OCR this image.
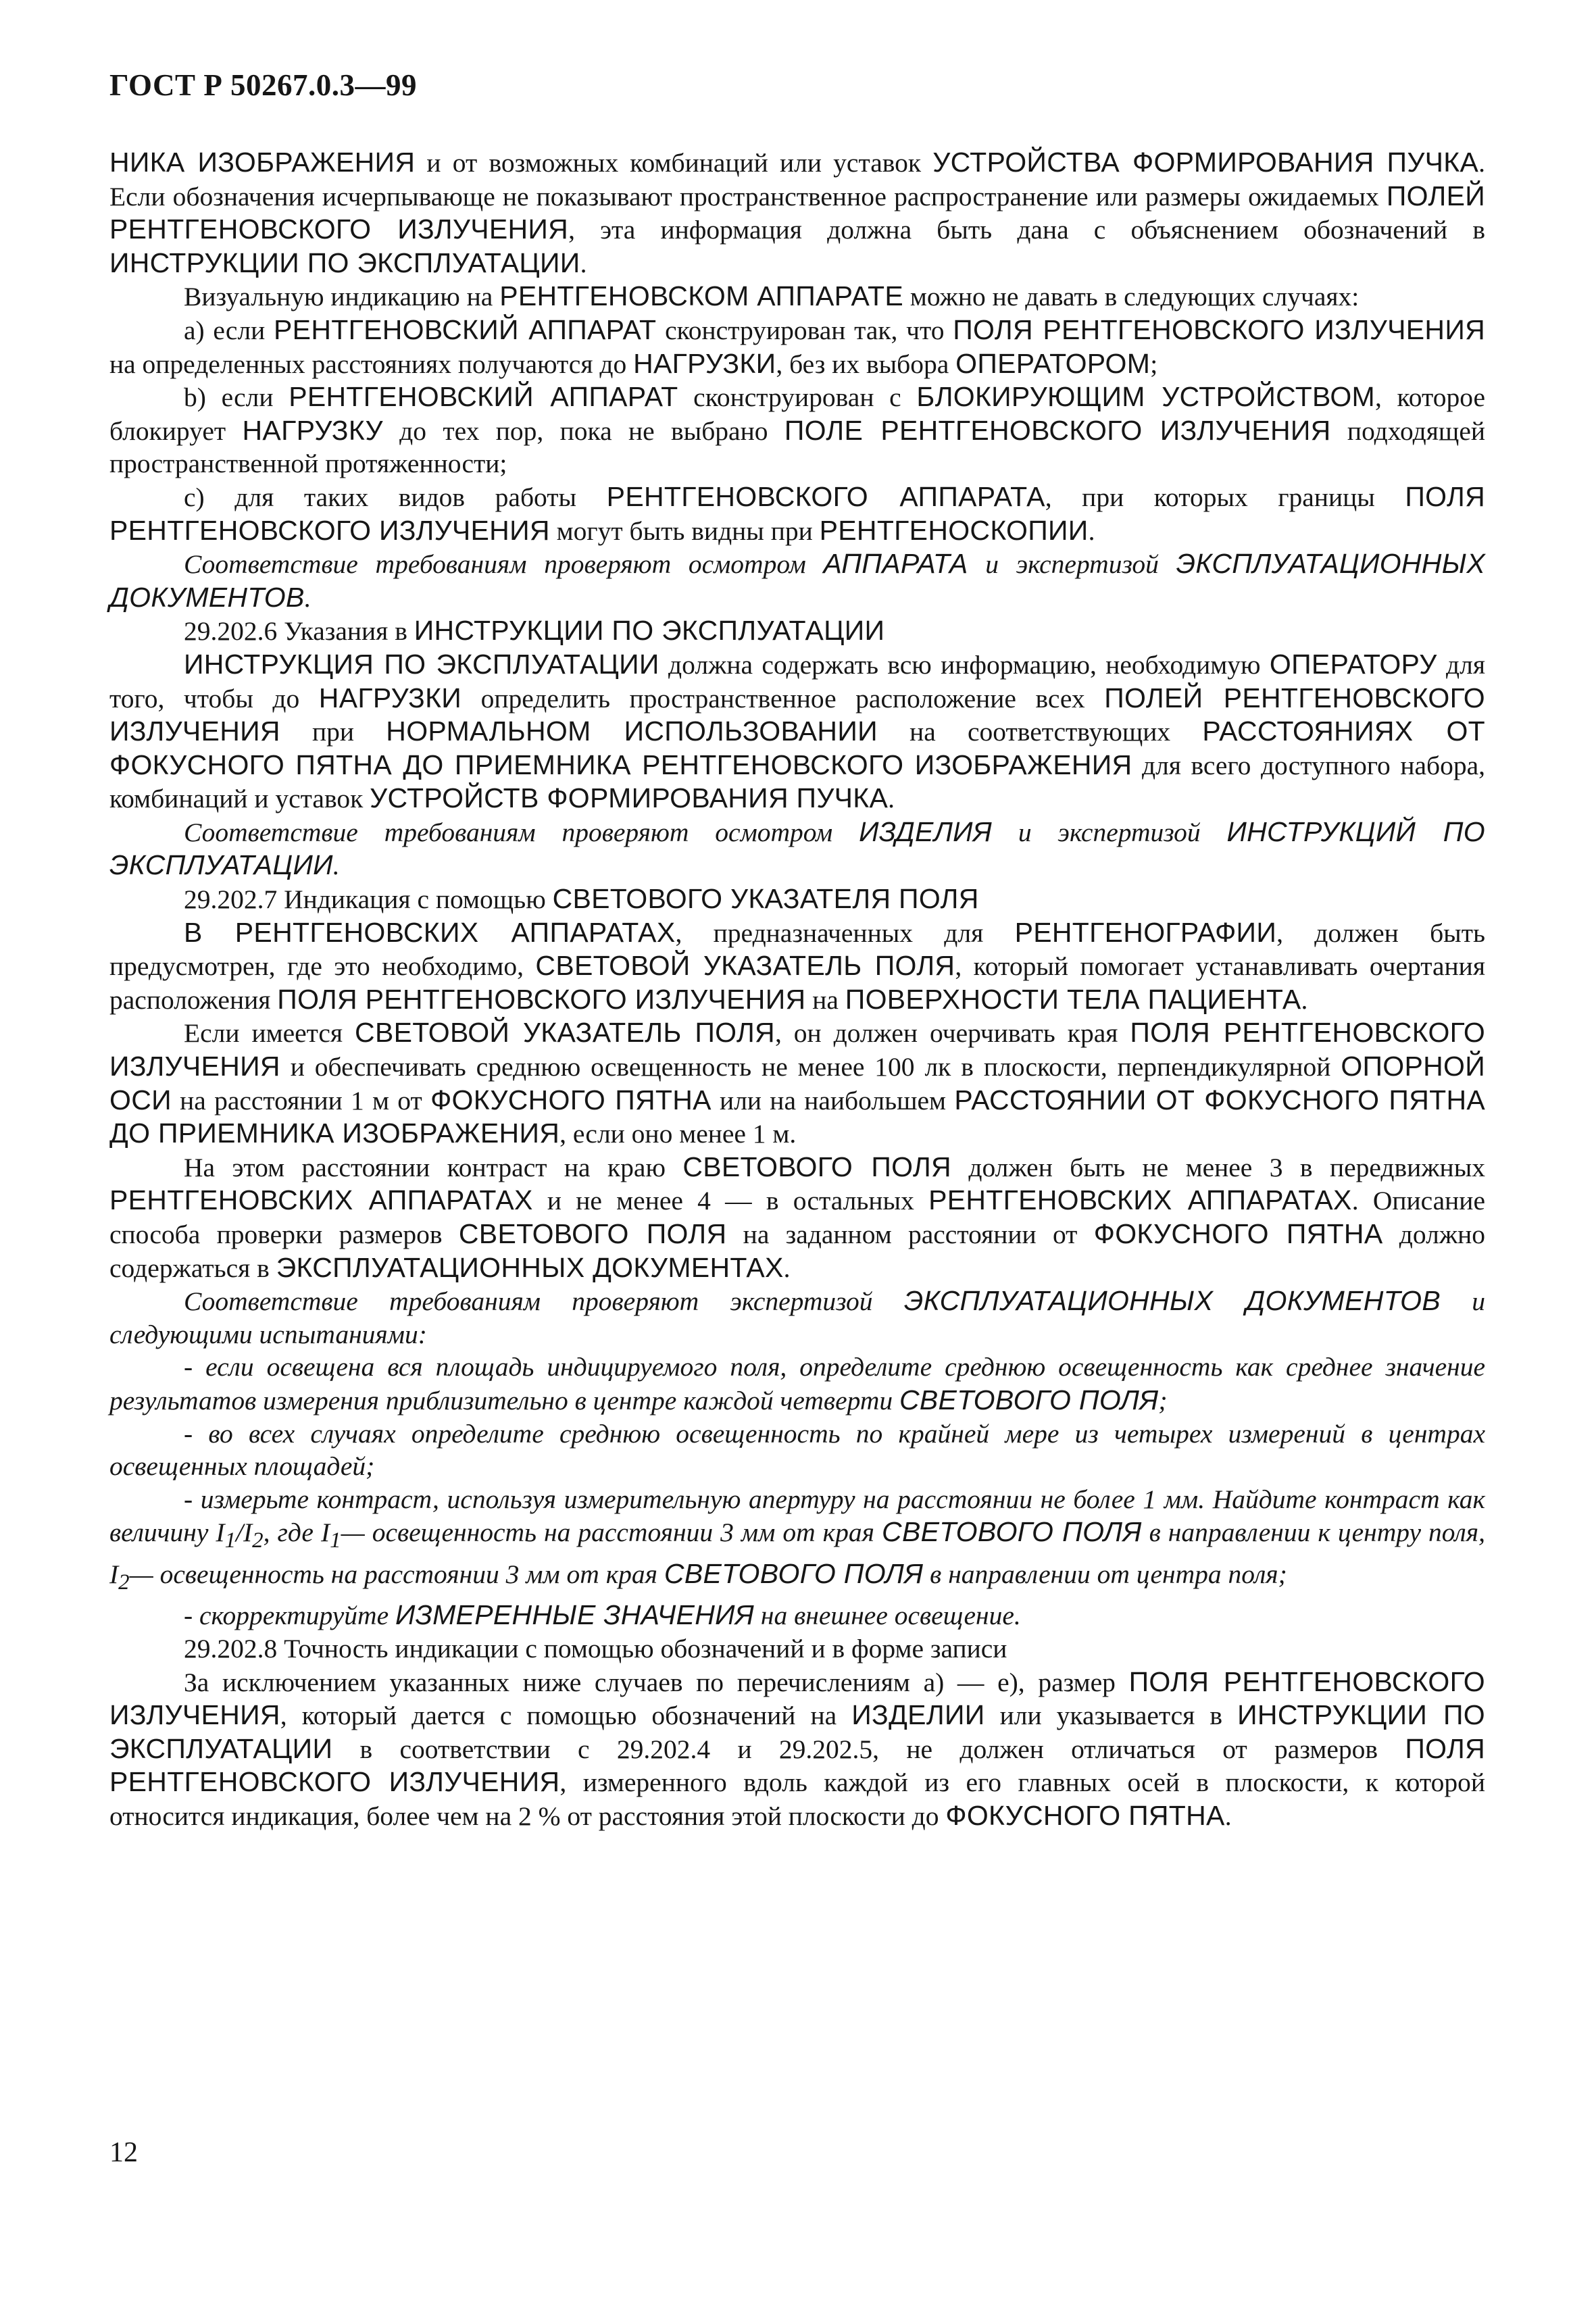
ГОСТ Р 50267.0.3—99

НИКА ИЗОБРАЖЕНИЯ и от возможных комбинаций или уставок УСТРОЙСТВА ФОРМИРОВАНИЯ ПУЧКА. Если обозначения исчерпывающе не показывают пространственное распространение или размеры ожидаемых ПОЛЕЙ РЕНТГЕНОВСКОГО ИЗЛУЧЕНИЯ, эта информация должна быть дана с объяснением обозначений в ИНСТРУКЦИИ ПО ЭКСПЛУАТАЦИИ.

Визуальную индикацию на РЕНТГЕНОВСКОМ АППАРАТЕ можно не давать в следующих случаях:

а) если РЕНТГЕНОВСКИЙ АППАРАТ сконструирован так, что ПОЛЯ РЕНТГЕНОВСКОГО ИЗЛУЧЕНИЯ на определенных расстояниях получаются до НАГРУЗКИ, без их выбора ОПЕРАТОРОМ;

b) если РЕНТГЕНОВСКИЙ АППАРАТ сконструирован с БЛОКИРУЮЩИМ УСТРОЙСТВОМ, которое блокирует НАГРУЗКУ до тех пор, пока не выбрано ПОЛЕ РЕНТГЕНОВСКОГО ИЗЛУЧЕНИЯ подходящей пространственной протяженности;

с) для таких видов работы РЕНТГЕНОВСКОГО АППАРАТА, при которых границы ПОЛЯ РЕНТГЕНОВСКОГО ИЗЛУЧЕНИЯ могут быть видны при РЕНТГЕНОСКОПИИ.

Соответствие требованиям проверяют осмотром АППАРАТА и экспертизой ЭКСПЛУАТАЦИОННЫХ ДОКУМЕНТОВ.

29.202.6 Указания в ИНСТРУКЦИИ ПО ЭКСПЛУАТАЦИИ

ИНСТРУКЦИЯ ПО ЭКСПЛУАТАЦИИ должна содержать всю информацию, необходимую ОПЕРАТОРУ для того, чтобы до НАГРУЗКИ определить пространственное расположение всех ПОЛЕЙ РЕНТГЕНОВСКОГО ИЗЛУЧЕНИЯ при НОРМАЛЬНОМ ИСПОЛЬЗОВАНИИ на соответствующих РАССТОЯНИЯХ ОТ ФОКУСНОГО ПЯТНА ДО ПРИЕМНИКА РЕНТГЕНОВСКОГО ИЗОБРАЖЕНИЯ для всего доступного набора, комбинаций и уставок УСТРОЙСТВ ФОРМИРОВАНИЯ ПУЧКА.

Соответствие требованиям проверяют осмотром ИЗДЕЛИЯ и экспертизой ИНСТРУКЦИЙ ПО ЭКСПЛУАТАЦИИ.

29.202.7 Индикация с помощью СВЕТОВОГО УКАЗАТЕЛЯ ПОЛЯ

В РЕНТГЕНОВСКИХ АППАРАТАХ, предназначенных для РЕНТГЕНОГРАФИИ, должен быть предусмотрен, где это необходимо, СВЕТОВОЙ УКАЗАТЕЛЬ ПОЛЯ, который помогает устанавливать очертания расположения ПОЛЯ РЕНТГЕНОВСКОГО ИЗЛУЧЕНИЯ на ПОВЕРХНОСТИ ТЕЛА ПАЦИЕНТА.

Если имеется СВЕТОВОЙ УКАЗАТЕЛЬ ПОЛЯ, он должен очерчивать края ПОЛЯ РЕНТГЕНОВСКОГО ИЗЛУЧЕНИЯ и обеспечивать среднюю освещенность не менее 100 лк в плоскости, перпендикулярной ОПОРНОЙ ОСИ на расстоянии 1 м от ФОКУСНОГО ПЯТНА или на наибольшем РАССТОЯНИИ ОТ ФОКУСНОГО ПЯТНА ДО ПРИЕМНИКА ИЗОБРАЖЕНИЯ, если оно менее 1 м.

На этом расстоянии контраст на краю СВЕТОВОГО ПОЛЯ должен быть не менее 3 в передвижных РЕНТГЕНОВСКИХ АППАРАТАХ и не менее 4 — в остальных РЕНТГЕНОВСКИХ АППАРАТАХ. Описание способа проверки размеров СВЕТОВОГО ПОЛЯ на заданном расстоянии от ФОКУСНОГО ПЯТНА должно содержаться в ЭКСПЛУАТАЦИОННЫХ ДОКУМЕНТАХ.

Соответствие требованиям проверяют экспертизой ЭКСПЛУАТАЦИОННЫХ ДОКУМЕНТОВ и следующими испытаниями:

- если освещена вся площадь индицируемого поля, определите среднюю освещенность как среднее значение результатов измерения приблизительно в центре каждой четверти СВЕТОВОГО ПОЛЯ;

- во всех случаях определите среднюю освещенность по крайней мере из четырех измерений в центрах освещенных площадей;

- измерьте контраст, используя измерительную апертуру на расстоянии не более 1 мм. Найдите контраст как величину $I_1/I_2$, где $I_1—$ освещенность на расстоянии 3 мм от края СВЕТОВОГО ПОЛЯ в направлении к центру поля, $I_2—$ освещенность на расстоянии 3 мм от края СВЕТОВОГО ПОЛЯ в направлении от центра поля;

- скорректируйте ИЗМЕРЕННЫЕ ЗНАЧЕНИЯ на внешнее освещение.

29.202.8 Точность индикации с помощью обозначений и в форме записи

За исключением указанных ниже случаев по перечислениям а) — е), размер ПОЛЯ РЕНТГЕНОВСКОГО ИЗЛУЧЕНИЯ, который дается с помощью обозначений на ИЗДЕЛИИ или указывается в ИНСТРУКЦИИ ПО ЭКСПЛУАТАЦИИ в соответствии с 29.202.4 и 29.202.5, не должен отличаться от размеров ПОЛЯ РЕНТГЕНОВСКОГО ИЗЛУЧЕНИЯ, измеренного вдоль каждой из его главных осей в плоскости, к которой относится индикация, более чем на 2 % от расстояния этой плоскости до ФОКУСНОГО ПЯТНА.

12
